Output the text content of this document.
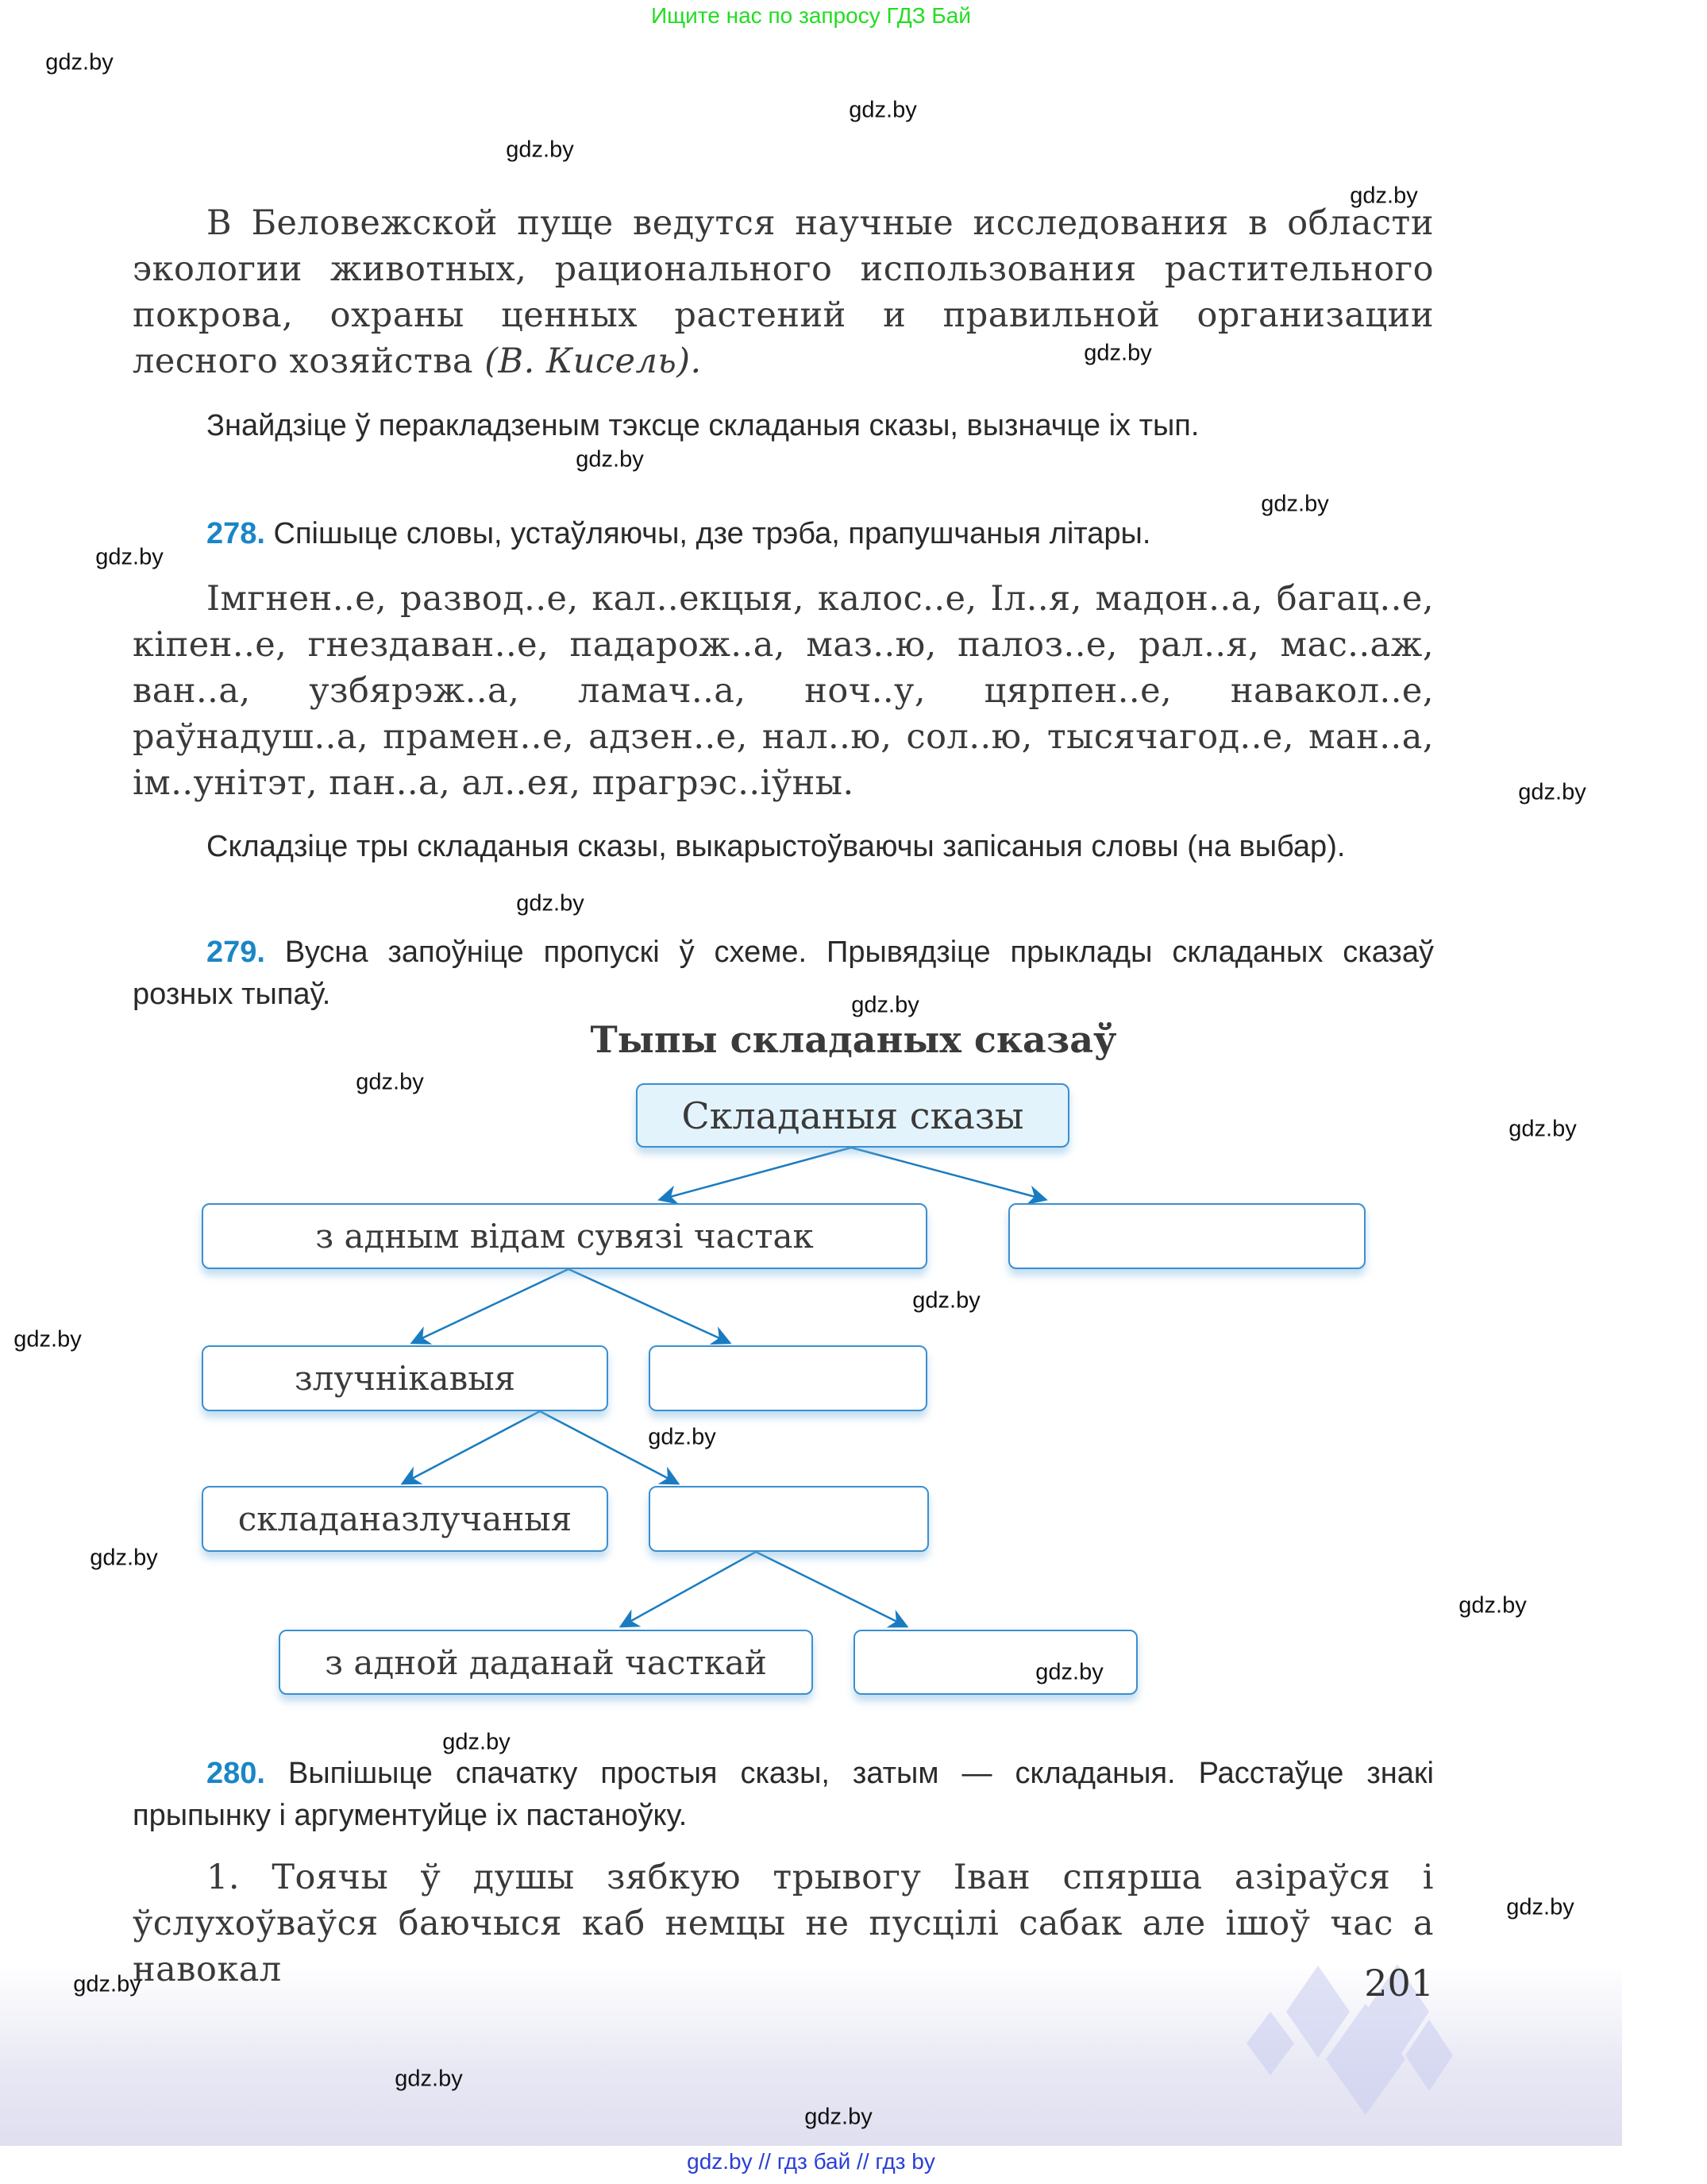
Ищите нас по запросу ГДЗ Бай
В Беловежской пуще ведутся научные исследования в области экологии животных, рационального использования растительного покрова, охраны ценных растений и правильной организации лесного хозяйства (В. Кисель).
Знайдзіце ў перакладзеным тэксце складаныя сказы, вызначце іх тып.
278. Спішыце словы, устаўляючы, дзе трэба, прапушчаныя літары.
Імгнен..е, развод..е, кал..екцыя, калос..е, Іл..я, мадон..а, багац..е, кіпен..е, гнездаван..е, падарож..а, маз..ю, палоз..е, рал..я, мас..аж, ван..а, узбярэж..а, ламач..а, ноч..у, цярпен..е, навакол..е, раўнадуш..а, прамен..е, адзен..е, нал..ю, сол..ю, тысячагод..е, ман..а, ім..унітэт, пан..а, ал..ея, прагрэс..іўны.
Складзіце тры складаныя сказы, выкарыстоўваючы запісаныя словы (на выбар).
279. Вусна запоўніце пропускі ў схеме. Прывядзіце прыклады складаных сказаў розных тыпаў.
Тыпы складаных сказаў
Складаныя сказы
з адным відам сувязі частак
злучнікавыя
складаназлучаныя
з адной даданай часткай
280. Выпішыце спачатку простыя сказы, затым — складаныя. Расстаўце знакі прыпынку і аргументуйце іх пастаноўку.
1. Тоячы ў душы зябкую трывогу Іван спярша азіраўся і ўслухоўваўся баючыся каб немцы не пусцілі сабак але ішоў час а навокал	201
gdz.by // гдз бай // гдз by
gdz.by
gdz.by
gdz.by
gdz.by
gdz.by
gdz.by
gdz.by
gdz.by
gdz.by
gdz.by
gdz.by
gdz.by
gdz.by
gdz.by
gdz.by
gdz.by
gdz.by
gdz.by
gdz.by
gdz.by
gdz.by
gdz.by
gdz.by
gdz.by
